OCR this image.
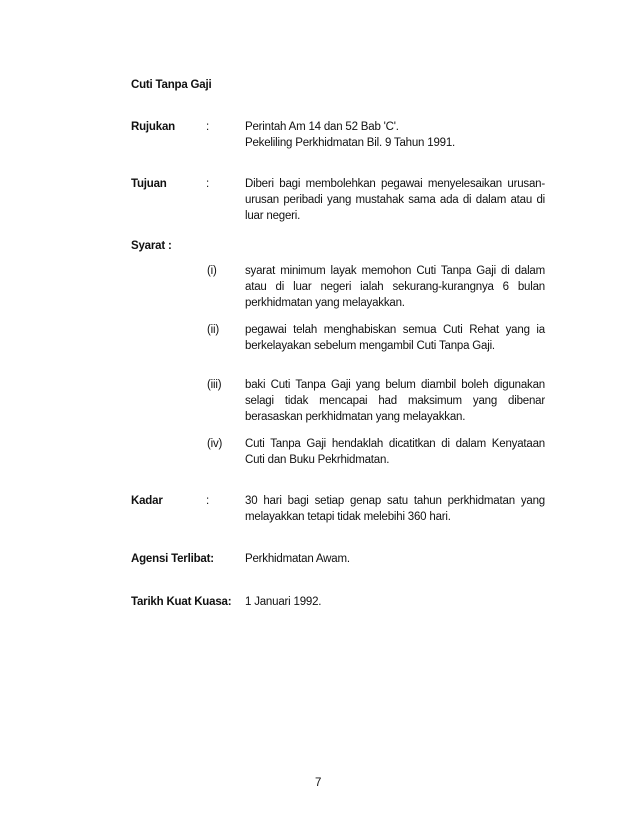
Cuti Tanpa Gaji
Rujukan	:	Perintah Am 14 dan 52 Bab 'C'.
Pekeliling Perkhidmatan Bil. 9 Tahun 1991.
Tujuan	:	Diberi bagi membolehkan pegawai menyelesaikan urusan-urusan peribadi yang mustahak sama ada di dalam atau di luar negeri.
Syarat :
(i) syarat minimum layak memohon Cuti Tanpa Gaji di dalam atau di luar negeri ialah sekurang-kurangnya 6 bulan perkhidmatan yang melayakkan.
(ii) pegawai telah menghabiskan semua Cuti Rehat yang ia berkelayakan sebelum mengambil Cuti Tanpa Gaji.
(iii) baki Cuti Tanpa Gaji yang belum diambil boleh digunakan selagi tidak mencapai had maksimum yang dibenar berasaskan perkhidmatan yang melayakkan.
(iv) Cuti Tanpa Gaji hendaklah dicatitkan di dalam Kenyataan Cuti dan Buku Pekrhidmatan.
Kadar	:	30 hari bagi setiap genap satu tahun perkhidmatan yang melayakkan tetapi tidak melebihi 360 hari.
Agensi Terlibat:	Perkhidmatan Awam.
Tarikh Kuat Kuasa: 1 Januari 1992.
7
